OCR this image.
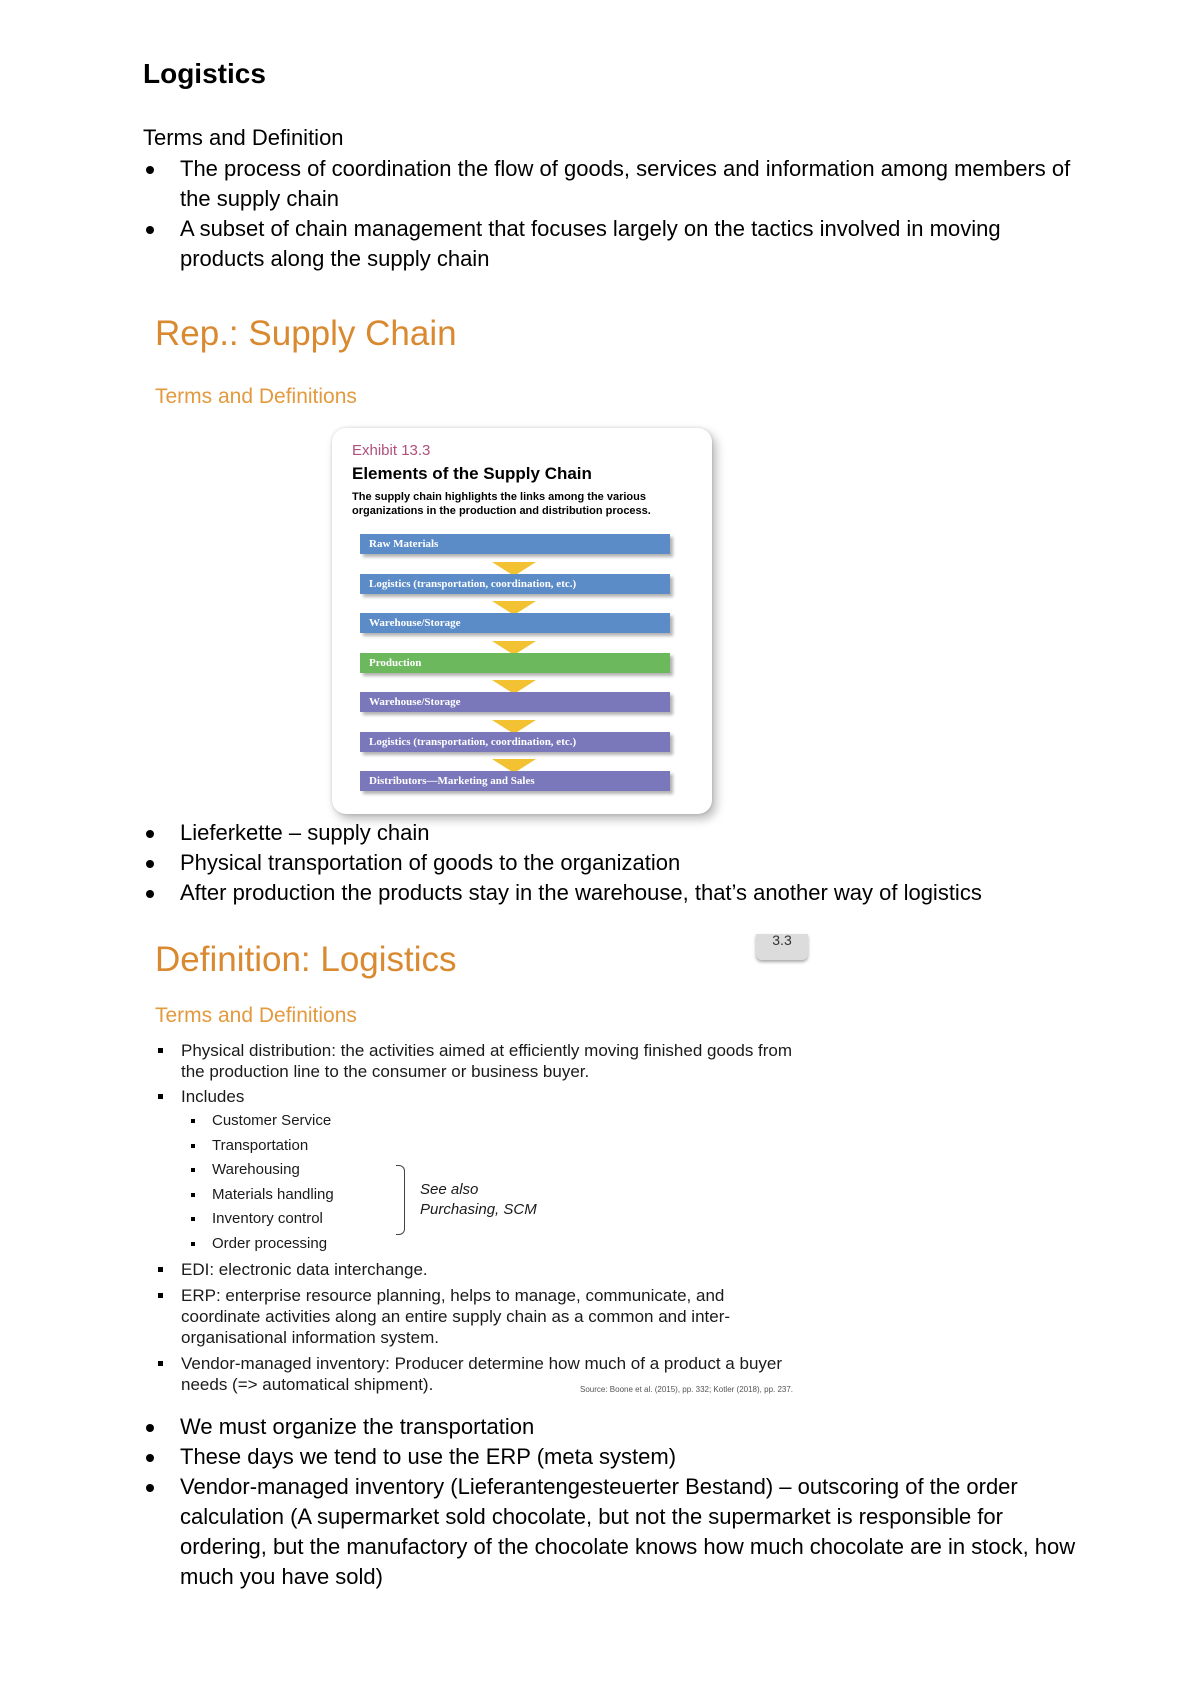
Logistics
Terms and Definition
The process of coordination the flow of goods, services and information among members of the supply chain
A subset of chain management that focuses largely on the tactics involved in moving products along the supply chain
Rep.: Supply Chain
Terms and Definitions
Exhibit 13.3
Elements of the Supply Chain
The supply chain highlights the links among the various organizations in the production and distribution process.
Raw Materials
Logistics (transportation, coordination, etc.)
Warehouse/Storage
Production
Warehouse/Storage
Logistics (transportation, coordination, etc.)
Distributors—Marketing and Sales
Lieferkette – supply chain
Physical transportation of goods to the organization
After production the products stay in the warehouse, that’s another way of logistics
3.3
Definition: Logistics
Terms and Definitions
Physical distribution: the activities aimed at efficiently moving finished goods from the production line to the consumer or business buyer.
Includes
Customer Service
Transportation
Warehousing
Materials handling
Inventory control
Order processing
EDI: electronic data interchange.
ERP: enterprise resource planning, helps to manage, communicate, and coordinate activities along an entire supply chain as a common and inter-organisational information system.
Vendor-managed inventory: Producer determine how much of a product a buyer needs (=> automatical shipment).
See also
Purchasing, SCM
Source: Boone et al. (2015), pp. 332; Kotler (2018), pp. 237.
We must organize the transportation
These days we tend to use the ERP (meta system)
Vendor-managed inventory (Lieferantengesteuerter Bestand) – outscoring of the order calculation (A supermarket sold chocolate, but not the supermarket is responsible for ordering, but the manufactory of the chocolate knows how much chocolate are in stock, how much you have sold)
